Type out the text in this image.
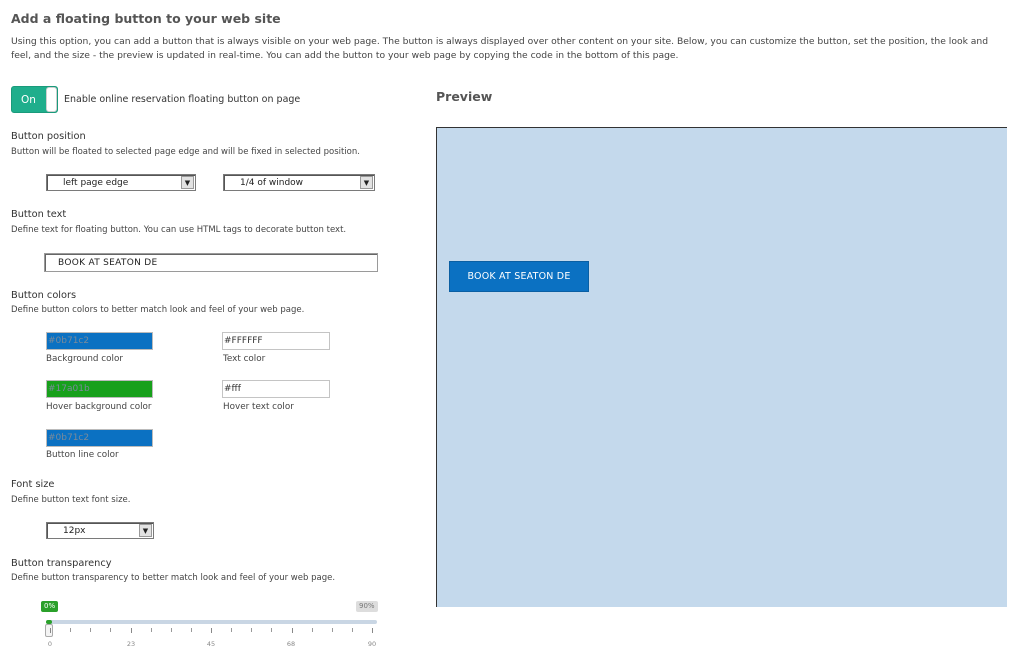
Add a floating button to your web site
Using this option, you can add a button that is always visible on your web page. The button is always displayed over other content on your site. Below, you can customize the button, set the position, the look and feel, and the size - the preview is updated in real-time. You can add the button to your web page by copying the code in the bottom of this page.
On	Enable online reservation floating button on page
Button position
Button will be floated to selected page edge and will be fixed in selected position.
left page edge	▼	1/4 of window	▼
Button text
Define text for floating button. You can use HTML tags to decorate button text.
BOOK AT SEATON DE
Button colors
Define button colors to better match look and feel of your web page.
#0b71c2
Background color
#FFFFFF	Text color
#17a01b
Hover background color
#fff	Hover text color
#0b71c2
Button line color
Font size
Define button text font size.
12px	▼
Button transparency
Define button transparency to better match look and feel of your web page.
0%	90%
0	23	45	68	90
Preview
BOOK AT SEATON DE
